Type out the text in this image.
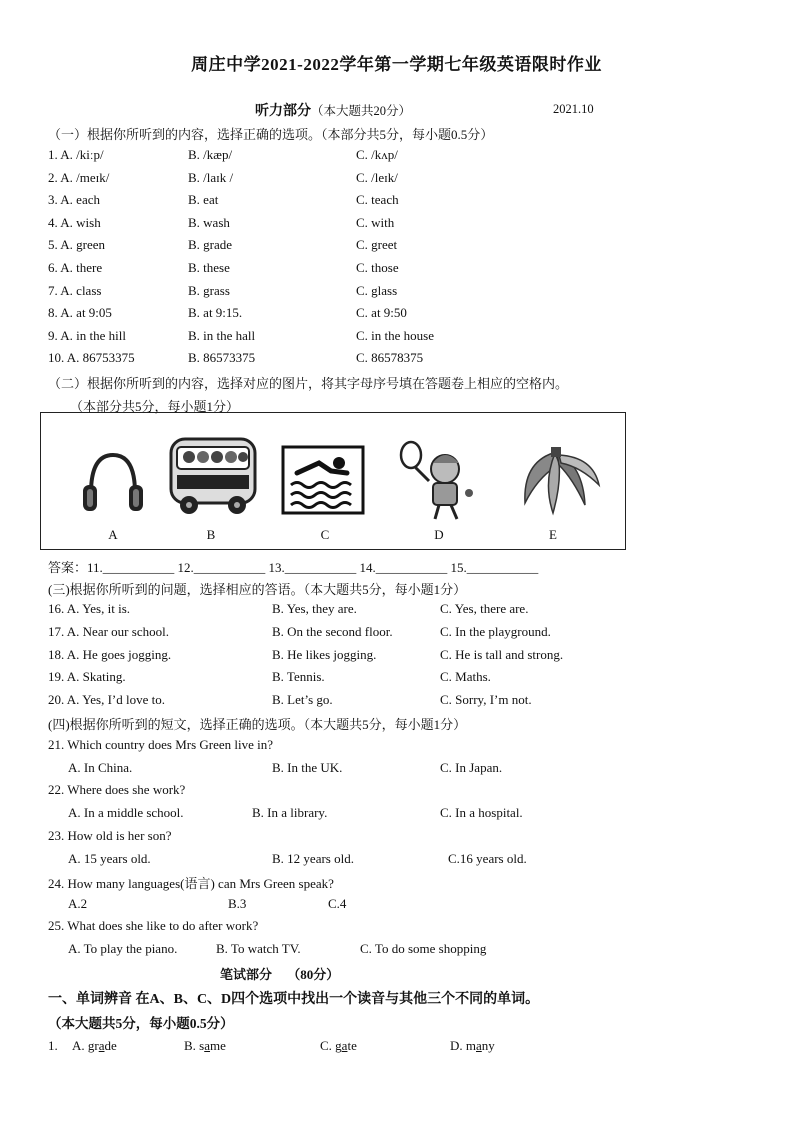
周庄中学2021-2022学年第一学期七年级英语限时作业
听力部分（本大题共20分）	2021.10
（一）根据你所听到的内容，选择正确的选项。（本部分共5分，每小题0.5分）
1. A. /kiːp/	B. /kæp/	C. /kʌp/
2. A. /meɪk/	B. /laɪk /	C. /leɪk/
3. A. each	B. eat	C. teach
4. A. wish	B. wash	C. with
5. A. green	B. grade	C. greet
6. A. there	B. these	C. those
7. A. class	B. grass	C. glass
8. A. at 9:05	B. at 9:15.	C. at 9:50
9. A. in the hill	B. in the hall	C. in the house
10. A. 86753375	B. 86573375	C. 86578375
（二）根据你所听到的内容，选择对应的图片，将其字母序号填在答题卷上相应的空格内。
（本部分共5分，每小题1分）
A	B	C	D	E
答案：11.___________ 12.___________ 13.___________ 14.___________ 15.___________
(三)根据你所听到的问题，选择相应的答语。（本大题共5分，每小题1分）
16. A. Yes, it is.	B. Yes, they are.	C. Yes, there are.
17. A. Near our school.	B. On the second floor.	C. In the playground.
18. A. He goes jogging.	B. He likes jogging.	C. He is tall and strong.
19. A. Skating.	B. Tennis.	C. Maths.
20. A. Yes, I’d love to.	B. Let’s go.	C. Sorry, I’m not.
(四)根据你所听到的短文，选择正确的选项。（本大题共5分，每小题1分）
21. Which country does Mrs Green live in?
A. In China.	B. In the UK.	C. In Japan.
22. Where does she work?
A. In a middle school.	B. In a library.	C. In a hospital.
23. How old is her son?
A. 15 years old.	B. 12 years old.	C.16 years old.
24. How many languages(语言) can Mrs Green speak?
A.2	B.3	C.4
25. What does she like to do after work?
A. To play the piano.	B. To watch TV.	C. To do some shopping
笔试部分 （80分）
一、单词辨音 在A、B、C、D四个选项中找出一个读音与其他三个不同的单词。
（本大题共5分，每小题0.5分）
1. A. grade	B. same	C. gate	D. many
